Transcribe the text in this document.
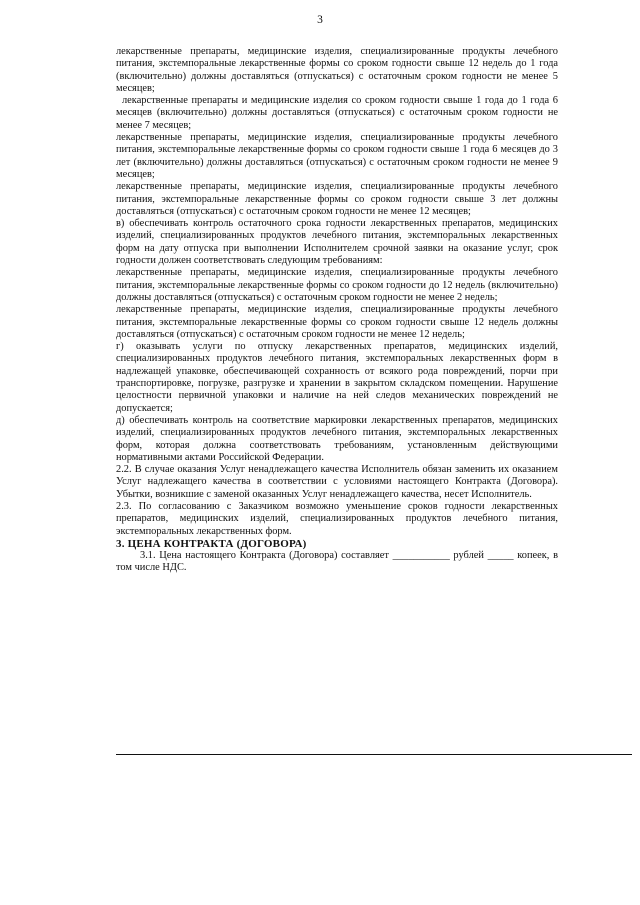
3

лекарственные препараты, медицинские изделия, специализированные продукты лечебного питания, экстемпоральные лекарственные формы со сроком годности свыше 12 недель до 1 года (включительно) должны доставляться (отпускаться) с остаточным сроком годности не менее 5 месяцев;

лекарственные препараты и медицинские изделия со сроком годности свыше 1 года до 1 года 6 месяцев (включительно) должны доставляться (отпускаться) с остаточным сроком годности не менее 7 месяцев;

лекарственные препараты, медицинские изделия, специализированные продукты лечебного питания, экстемпоральные лекарственные формы со сроком годности свыше 1 года 6 месяцев до 3 лет (включительно) должны доставляться (отпускаться) с остаточным сроком годности не менее 9 месяцев;

лекарственные препараты, медицинские изделия, специализированные продукты лечебного питания, экстемпоральные лекарственные формы со сроком годности свыше 3 лет должны доставляться (отпускаться) с остаточным сроком годности не менее 12 месяцев;

в) обеспечивать контроль остаточного срока годности лекарственных препаратов, медицинских изделий, специализированных продуктов лечебного питания, экстемпоральных лекарственных форм на дату отпуска при выполнении Исполнителем срочной заявки на оказание услуг, срок годности должен соответствовать следующим требованиям:

лекарственные препараты, медицинские изделия, специализированные продукты лечебного питания, экстемпоральные лекарственные формы со сроком годности до 12 недель (включительно) должны доставляться (отпускаться) с остаточным сроком годности не менее 2 недель;

лекарственные препараты, медицинские изделия, специализированные продукты лечебного питания, экстемпоральные лекарственные формы со сроком годности свыше 12 недель должны доставляться (отпускаться) с остаточным сроком годности не менее 12 недель;

г) оказывать услуги по отпуску лекарственных препаратов, медицинских изделий, специализированных продуктов лечебного питания, экстемпоральных лекарственных форм в надлежащей упаковке, обеспечивающей сохранность от всякого рода повреждений, порчи при транспортировке, погрузке, разгрузке и хранении в закрытом складском помещении. Нарушение целостности первичной упаковки и наличие на ней следов механических повреждений не допускается;

д) обеспечивать контроль на соответствие маркировки лекарственных препаратов, медицинских изделий, специализированных продуктов лечебного питания, экстемпоральных лекарственных форм, которая должна соответствовать требованиям, установленным действующими нормативными актами Российской Федерации.

2.2. В случае оказания Услуг ненадлежащего качества Исполнитель обязан заменить их оказанием Услуг надлежащего качества в соответствии с условиями настоящего Контракта (Договора). Убытки, возникшие с заменой оказанных Услуг ненадлежащего качества, несет Исполнитель.

2.3. По согласованию с Заказчиком возможно уменьшение сроков годности лекарственных препаратов, медицинских изделий, специализированных продуктов лечебного питания, экстемпоральных лекарственных форм.

3. ЦЕНА КОНТРАКТА (ДОГОВОРА)

3.1. Цена настоящего Контракта (Договора) составляет ___________ рублей _____ копеек, в том числе НДС.
